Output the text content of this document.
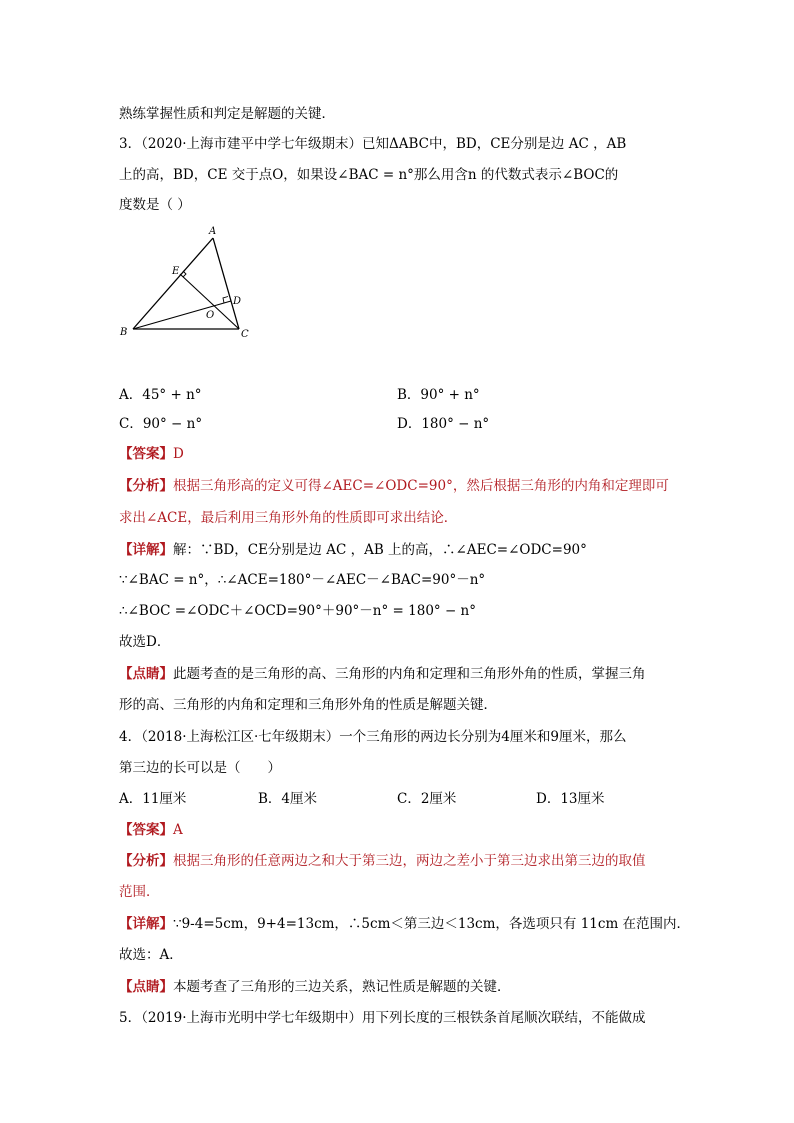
熟练掌握性质和判定是解题的关键．
3．（2020·上海市建平中学七年级期末）已知ΔABC中，BD，CE分别是边 AC ，AB
上的高，BD，CE 交于点O，如果设∠BAC = n°那么用含n 的代数式表示∠BOC的
度数是（ ）
A
B	C
D
E
O
A．45° + n°	B．90° + n°
C．90° − n°	D．180° − n°
【答案】D
【分析】根据三角形高的定义可得∠AEC=∠ODC=90°，然后根据三角形的内角和定理即可
求出∠ACE，最后利用三角形外角的性质即可求出结论．
【详解】解：∵BD，CE分别是边 AC ，AB 上的高，∴∠AEC=∠ODC=90°
∵∠BAC = n°，∴∠ACE=180°－∠AEC－∠BAC=90°－n°
∴∠BOC =∠ODC＋∠OCD=90°＋90°－n° = 180° − n°
故选D．
【点睛】此题考查的是三角形的高、三角形的内角和定理和三角形外角的性质，掌握三角
形的高、三角形的内角和定理和三角形外角的性质是解题关键．
4．（2018·上海松江区·七年级期末）一个三角形的两边长分别为4厘米和9厘米，那么
第三边的长可以是（　　）
A．11厘米	B．4厘米	C．2厘米	D．13厘米
【答案】A
【分析】根据三角形的任意两边之和大于第三边，两边之差小于第三边求出第三边的取值
范围．
【详解】∵9-4=5cm，9+4=13cm，∴5cm＜第三边＜13cm，各选项只有 11cm 在范围内．
故选：A．
【点睛】本题考查了三角形的三边关系，熟记性质是解题的关键．
5．（2019·上海市光明中学七年级期中）用下列长度的三根铁条首尾顺次联结，不能做成
